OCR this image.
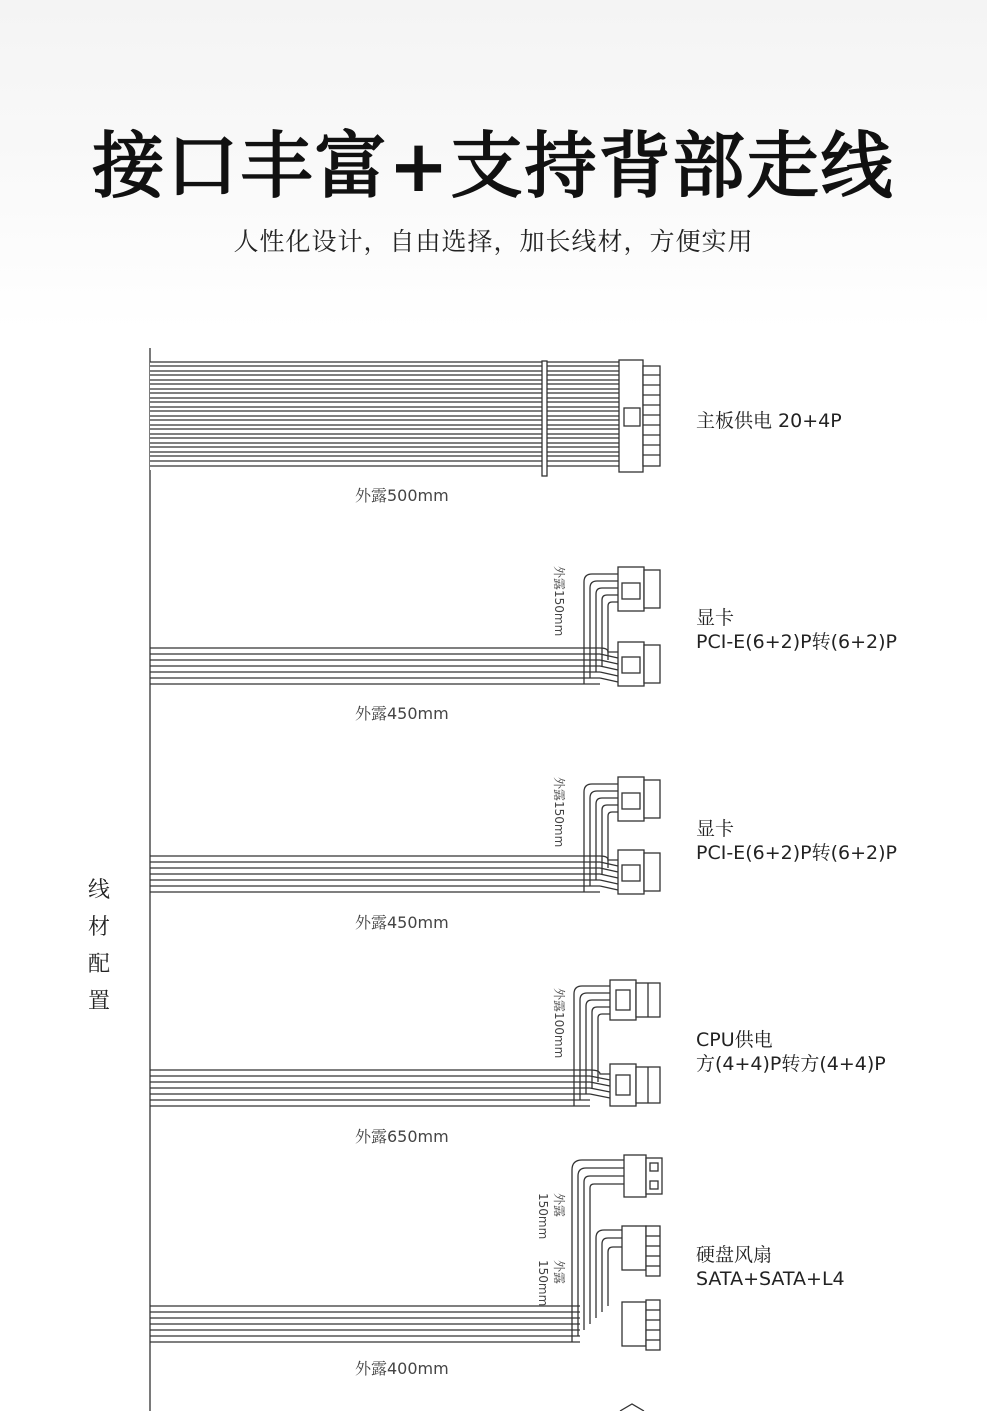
接口丰富+支持背部走线
人性化设计，自由选择，加长线材，方便实用
线
材
配
置
主板供电 20+4P
显卡
PCI-E(6+2)P转(6+2)P
显卡
PCI-E(6+2)P转(6+2)P
CPU供电
方(4+4)P转方(4+4)P
硬盘风扇
SATA+SATA+L4
外露500mm
外露450mm
外露450mm
外露650mm
外露400mm
外露150mm
外露150mm
外露100mm
外露
150mm
外露
150mm
